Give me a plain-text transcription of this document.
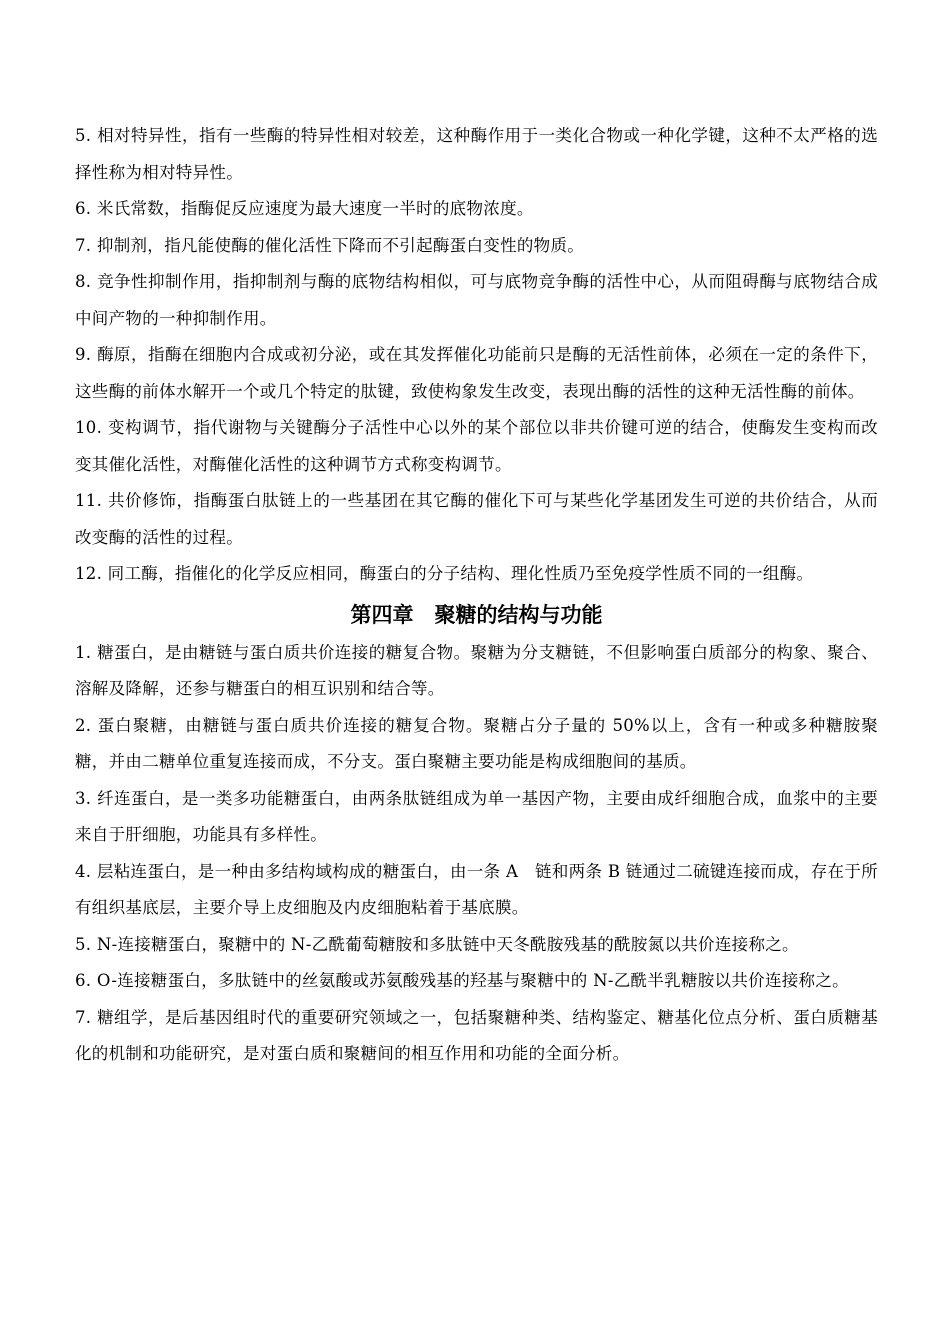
5. 相对特异性，指有一些酶的特异性相对较差，这种酶作用于一类化合物或一种化学键，这种不太严格的选择性称为相对特异性。

6. 米氏常数，指酶促反应速度为最大速度一半时的底物浓度。

7. 抑制剂，指凡能使酶的催化活性下降而不引起酶蛋白变性的物质。

8. 竞争性抑制作用，指抑制剂与酶的底物结构相似，可与底物竞争酶的活性中心，从而阻碍酶与底物结合成中间产物的一种抑制作用。

9. 酶原，指酶在细胞内合成或初分泌，或在其发挥催化功能前只是酶的无活性前体，必须在一定的条件下，这些酶的前体水解开一个或几个特定的肽键，致使构象发生改变，表现出酶的活性的这种无活性酶的前体。

10. 变构调节，指代谢物与关键酶分子活性中心以外的某个部位以非共价键可逆的结合，使酶发生变构而改变其催化活性，对酶催化活性的这种调节方式称变构调节。

11. 共价修饰，指酶蛋白肽链上的一些基团在其它酶的催化下可与某些化学基团发生可逆的共价结合，从而改变酶的活性的过程。

12. 同工酶，指催化的化学反应相同，酶蛋白的分子结构、理化性质乃至免疫学性质不同的一组酶。

第四章　聚糖的结构与功能

1. 糖蛋白，是由糖链与蛋白质共价连接的糖复合物。聚糖为分支糖链，不但影响蛋白质部分的构象、聚合、溶解及降解，还参与糖蛋白的相互识别和结合等。

2. 蛋白聚糖，由糖链与蛋白质共价连接的糖复合物。聚糖占分子量的 50%以上，含有一种或多种糖胺聚糖，并由二糖单位重复连接而成，不分支。蛋白聚糖主要功能是构成细胞间的基质。

3. 纤连蛋白，是一类多功能糖蛋白，由两条肽链组成为单一基因产物，主要由成纤细胞合成，血浆中的主要来自于肝细胞，功能具有多样性。

4. 层粘连蛋白，是一种由多结构域构成的糖蛋白，由一条 A　链和两条 B 链通过二硫键连接而成，存在于所有组织基底层，主要介导上皮细胞及内皮细胞粘着于基底膜。

5. N-连接糖蛋白，聚糖中的 N-乙酰葡萄糖胺和多肽链中天冬酰胺残基的酰胺氮以共价连接称之。

6. O-连接糖蛋白，多肽链中的丝氨酸或苏氨酸残基的羟基与聚糖中的 N-乙酰半乳糖胺以共价连接称之。

7. 糖组学，是后基因组时代的重要研究领域之一，包括聚糖种类、结构鉴定、糖基化位点分析、蛋白质糖基化的机制和功能研究，是对蛋白质和聚糖间的相互作用和功能的全面分析。
